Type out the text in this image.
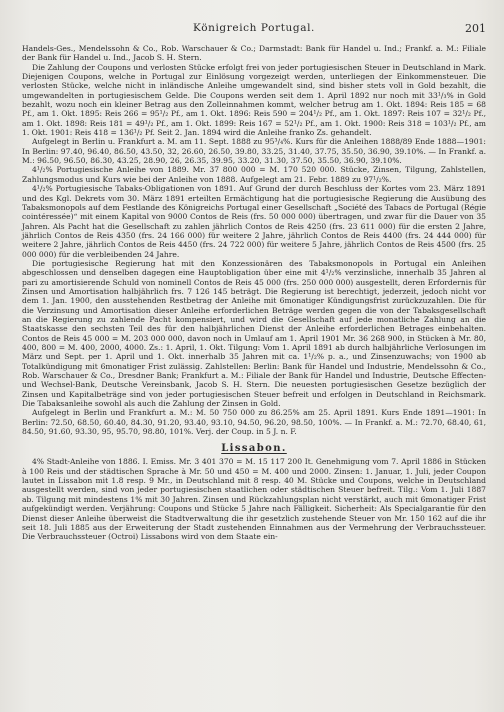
Königreich Portugal.	201

Handels-Ges., Mendelssohn & Co., Rob. Warschauer & Co.; Darmstadt: Bank für Handel u. Ind.; Frankf. a. M.: Filiale der Bank für Handel u. Ind., Jacob S. H. Stern.

Die Zahlung der Coupons und verlosten Stücke erfolgt frei von jeder portugiesischen Steuer in Deutschland in Mark. Diejenigen Coupons, welche in Portugal zur Einlösung vorgezeigt werden, unterliegen der Einkommensteuer. Die verlosten Stücke, welche nicht in inländische Anleihe umgewandelt sind, sind bisher stets voll in Gold bezahlt, die umgewandelten in portugiesischem Gelde. Die Coupons werden seit dem 1. April 1892 nur noch mit 33¹/₃% in Gold bezahlt, wozu noch ein kleiner Betrag aus den Zolleinnahmen kommt, welcher betrug am 1. Okt. 1894: Reis 185 = 68 Pf., am 1. Okt. 1895: Reis 266 = 95¹/₂ Pf., am 1. Okt. 1896: Reis 590 = 204¹/₂ Pf., am 1. Okt. 1897: Reis 107 = 32¹/₂ Pf., am 1. Okt. 1898: Reis 181 = 49¹/₂ Pf., am 1. Okt. 1899: Reis 167 = 52¹/₂ Pf., am 1. Okt. 1900: Reis 318 = 103¹/₂ Pf., am 1. Okt. 1901: Reis 418 = 136¹/₂ Pf. Seit 2. Jan. 1894 wird die Anleihe franko Zs. gehandelt.

Aufgelegt in Berlin u. Frankfurt a. M. am 11. Sept. 1888 zu 95³/₄%. Kurs für die Anleihen 1888/89 Ende 1888—1901: In Berlin: 97.40, 96.40, 86.50, 43.50, 32, 26.60, 26.50, 39.80, 33.25, 31.40, 37.75, 35.50, 36.90, 39.10%. — In Frankf. a. M.: 96.50, 96.50, 86.30, 43.25, 28.90, 26, 26.35, 39.95, 33.20, 31.30, 37.50, 35.50, 36.90, 39.10%.

4¹/₂% Portugiesische Anleihe von 1889. Mr. 37 800 000 = M. 170 520 000. Stücke, Zinsen, Tilgung, Zahlstellen, Zahlungsmodus und Kurs wie bei der Anleihe von 1888. Aufgelegt am 21. Febr. 1889 zu 97¹/₂%.

4¹/₂% Portugiesische Tabaks-Obligationen von 1891. Auf Grund der durch Beschluss der Kortes vom 23. März 1891 und des Kgl. Dekrets vom 30. März 1891 erteilten Ermächtigung hat die portugiesische Regierung die Ausübung des Tabaksmonopols auf dem Festlande des Königreichs Portugal einer Gesellschaft „Société des Tabacs de Portugal (Régie cointéressée)“ mit einem Kapital von 9000 Contos de Reis (frs. 50 000 000) übertragen, und zwar für die Dauer von 35 Jahren. Als Pacht hat die Gesellschaft zu zahlen jährlich Contos de Reis 4250 (frs. 23 611 000) für die ersten 2 Jahre, jährlich Contos de Reis 4350 (frs. 24 166 000) für weitere 2 Jahre, jährlich Contos de Reis 4400 (frs. 24 444 000) für weitere 2 Jahre, jährlich Contos de Reis 4450 (frs. 24 722 000) für weitere 5 Jahre, jährlich Contos de Reis 4500 (frs. 25 000 000) für die verbleibenden 24 Jahre.

Die portugiesische Regierung hat mit den Konzessionären des Tabaksmonopols in Portugal ein Anleihen abgeschlossen und denselben dagegen eine Hauptobligation über eine mit 4¹/₂% verzinsliche, innerhalb 35 Jahren al pari zu amortisierende Schuld von nominell Contos de Reis 45 000 (frs. 250 000 000) ausgestellt, deren Erfordernis für Zinsen und Amortisation halbjährlich frs. 7 126 145 beträgt. Die Regierung ist berechtigt, jederzeit, jedoch nicht vor dem 1. Jan. 1900, den ausstehenden Restbetrag der Anleihe mit 6monatiger Kündigungsfrist zurückzuzahlen. Die für die Verzinsung und Amortisation dieser Anleihe erforderlichen Beträge werden gegen die von der Tabaksgesellschaft an die Regierung zu zahlende Pacht kompensiert, und wird die Gesellschaft auf jede monatliche Zahlung an die Staatskasse den sechsten Teil des für den halbjährlichen Dienst der Anleihe erforderlichen Betrages einbehalten. Contos de Reis 45 000 = M. 203 000 000, davon noch in Umlauf am 1. April 1901 Mr. 36 268 900, in Stücken à Mr. 80, 400, 800 = M. 400, 2000, 4000. Zs.: 1. April, 1. Okt. Tilgung: Vom 1. April 1891 ab durch halbjährliche Verlosungen im März und Sept. per 1. April und 1. Okt. innerhalb 35 Jahren mit ca. 1¹/₂% p. a., und Zinsenzuwachs; von 1900 ab Totalkündigung mit 6monatiger Frist zulässig. Zahlstellen: Berlin: Bank für Handel und Industrie, Mendelssohn & Co., Rob. Warschauer & Co., Dresdner Bank; Frankfurt a. M.: Filiale der Bank für Handel und Industrie, Deutsche Effecten- und Wechsel-Bank, Deutsche Vereinsbank, Jacob S. H. Stern. Die neuesten portugiesischen Gesetze bezüglich der Zinsen und Kapitalbeträge sind von jeder portugiesischen Steuer befreit und erfolgen in Deutschland in Reichsmark. Die Tabaksanleihe sowohl als auch die Zahlung der Zinsen in Gold.

Aufgelegt in Berlin und Frankfurt a. M.: M. 50 750 000 zu 86.25% am 25. April 1891. Kurs Ende 1891—1901: In Berlin: 72.50, 68.50, 60.40, 84.30, 91.20, 93.40, 93.10, 94.50, 96.20, 98.50, 100%. — In Frankf. a. M.: 72.70, 68.40, 61, 84.50, 91.60, 93.30, 95, 95.70, 98.80, 101%. Verj. der Coup. in 5 J. n. F.

Lissabon.

4% Stadt-Anleihe von 1886. I. Emiss. Mr. 3 401 370 = M. 15 117 200 It. Genehmigung vom 7. April 1886 in Stücken à 100 Reis und der städtischen Sprache à Mr. 50 und 450 = M. 400 und 2000. Zinsen: 1. Januar, 1. Juli, jeder Coupon lautet in Lissabon mit 1.8 resp. 9 Mr., in Deutschland mit 8 resp. 40 M. Stücke und Coupons, welche in Deutschland ausgestellt werden, sind von jeder portugiesischen staatlichen oder städtischen Steuer befreit. Tilg.: Vom 1. Juli 1887 ab. Tilgung mit mindestens 1% mit 30 Jahren. Zinsen und Rückzahlungsplan nicht verstärkt, auch mit 6monatiger Frist aufgekündigt werden. Verjährung: Coupons und Stücke 5 Jahre nach Fälligkeit. Sicherheit: Als Specialgarantie für den Dienst dieser Anleihe überweist die Stadtverwaltung die ihr gesetzlich zustehende Steuer von Mr. 150 162 auf die ihr seit 18. Juli 1885 aus der Erweiterung der Stadt zustehenden Einnahmen aus der Vermehrung der Verbrauchssteuer. Die Verbrauchssteuer (Octroi) Lissabons wird von dem Staate ein-
